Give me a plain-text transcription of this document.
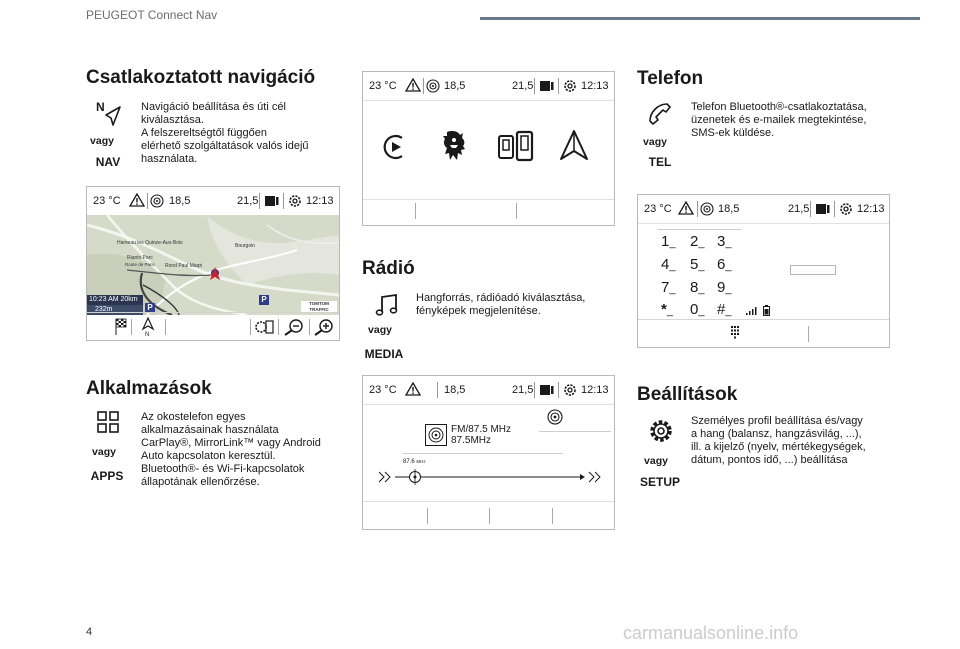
PEUGEOT Connect Nav
Csatlakoztatott navigáció
N
vagy
NAV
Navigáció beállítása és úti cél
kiválasztása.
A felszereltségtől függően
elérhető szolgáltatások valós idejű
használata.
23 °C	18,5	21,5	12:13
Hameau les Quinze-Aux-Bois
Riants Parc
Route de Paris Rond Paul Maqri
Bourgoin
10:23 AM 20km
232m	P
P	TOMTOM TRAFFIC
N
Alkalmazások
vagy
APPS
Az okostelefon egyes
alkalmazásainak használata
CarPlay®, MirrorLink™ vagy Android
Auto kapcsolaton keresztül.
Bluetooth®- és Wi-Fi-kapcsolatok
állapotának ellenőrzése.
23 °C	18,5	21,5	12:13
Rádió
vagy
MEDIA
Hangforrás, rádióadó kiválasztása,
fényképek megjelenítése.
23 °C	18,5	21,5	12:13
FM/87.5 MHz
87.5MHz
87.6 MHz
Telefon
vagy
TEL
Telefon Bluetooth®-csatlakoztatása,
üzenetek és e-mailek megtekintése,
SMS-ek küldése.
23 °C	18,5	21,5	12:13
1_ 2_ 3_
4_ 5_ 6_
7_ 8_ 9_
*_ 0_ #_
Beállítások
vagy
SETUP
Személyes profil beállítása és/vagy
a hang (balansz, hangzásvilág, ...),
ill. a kijelző (nyelv, mértékegységek,
dátum, pontos idő, ...) beállítása
4	carmanualsonline.info
